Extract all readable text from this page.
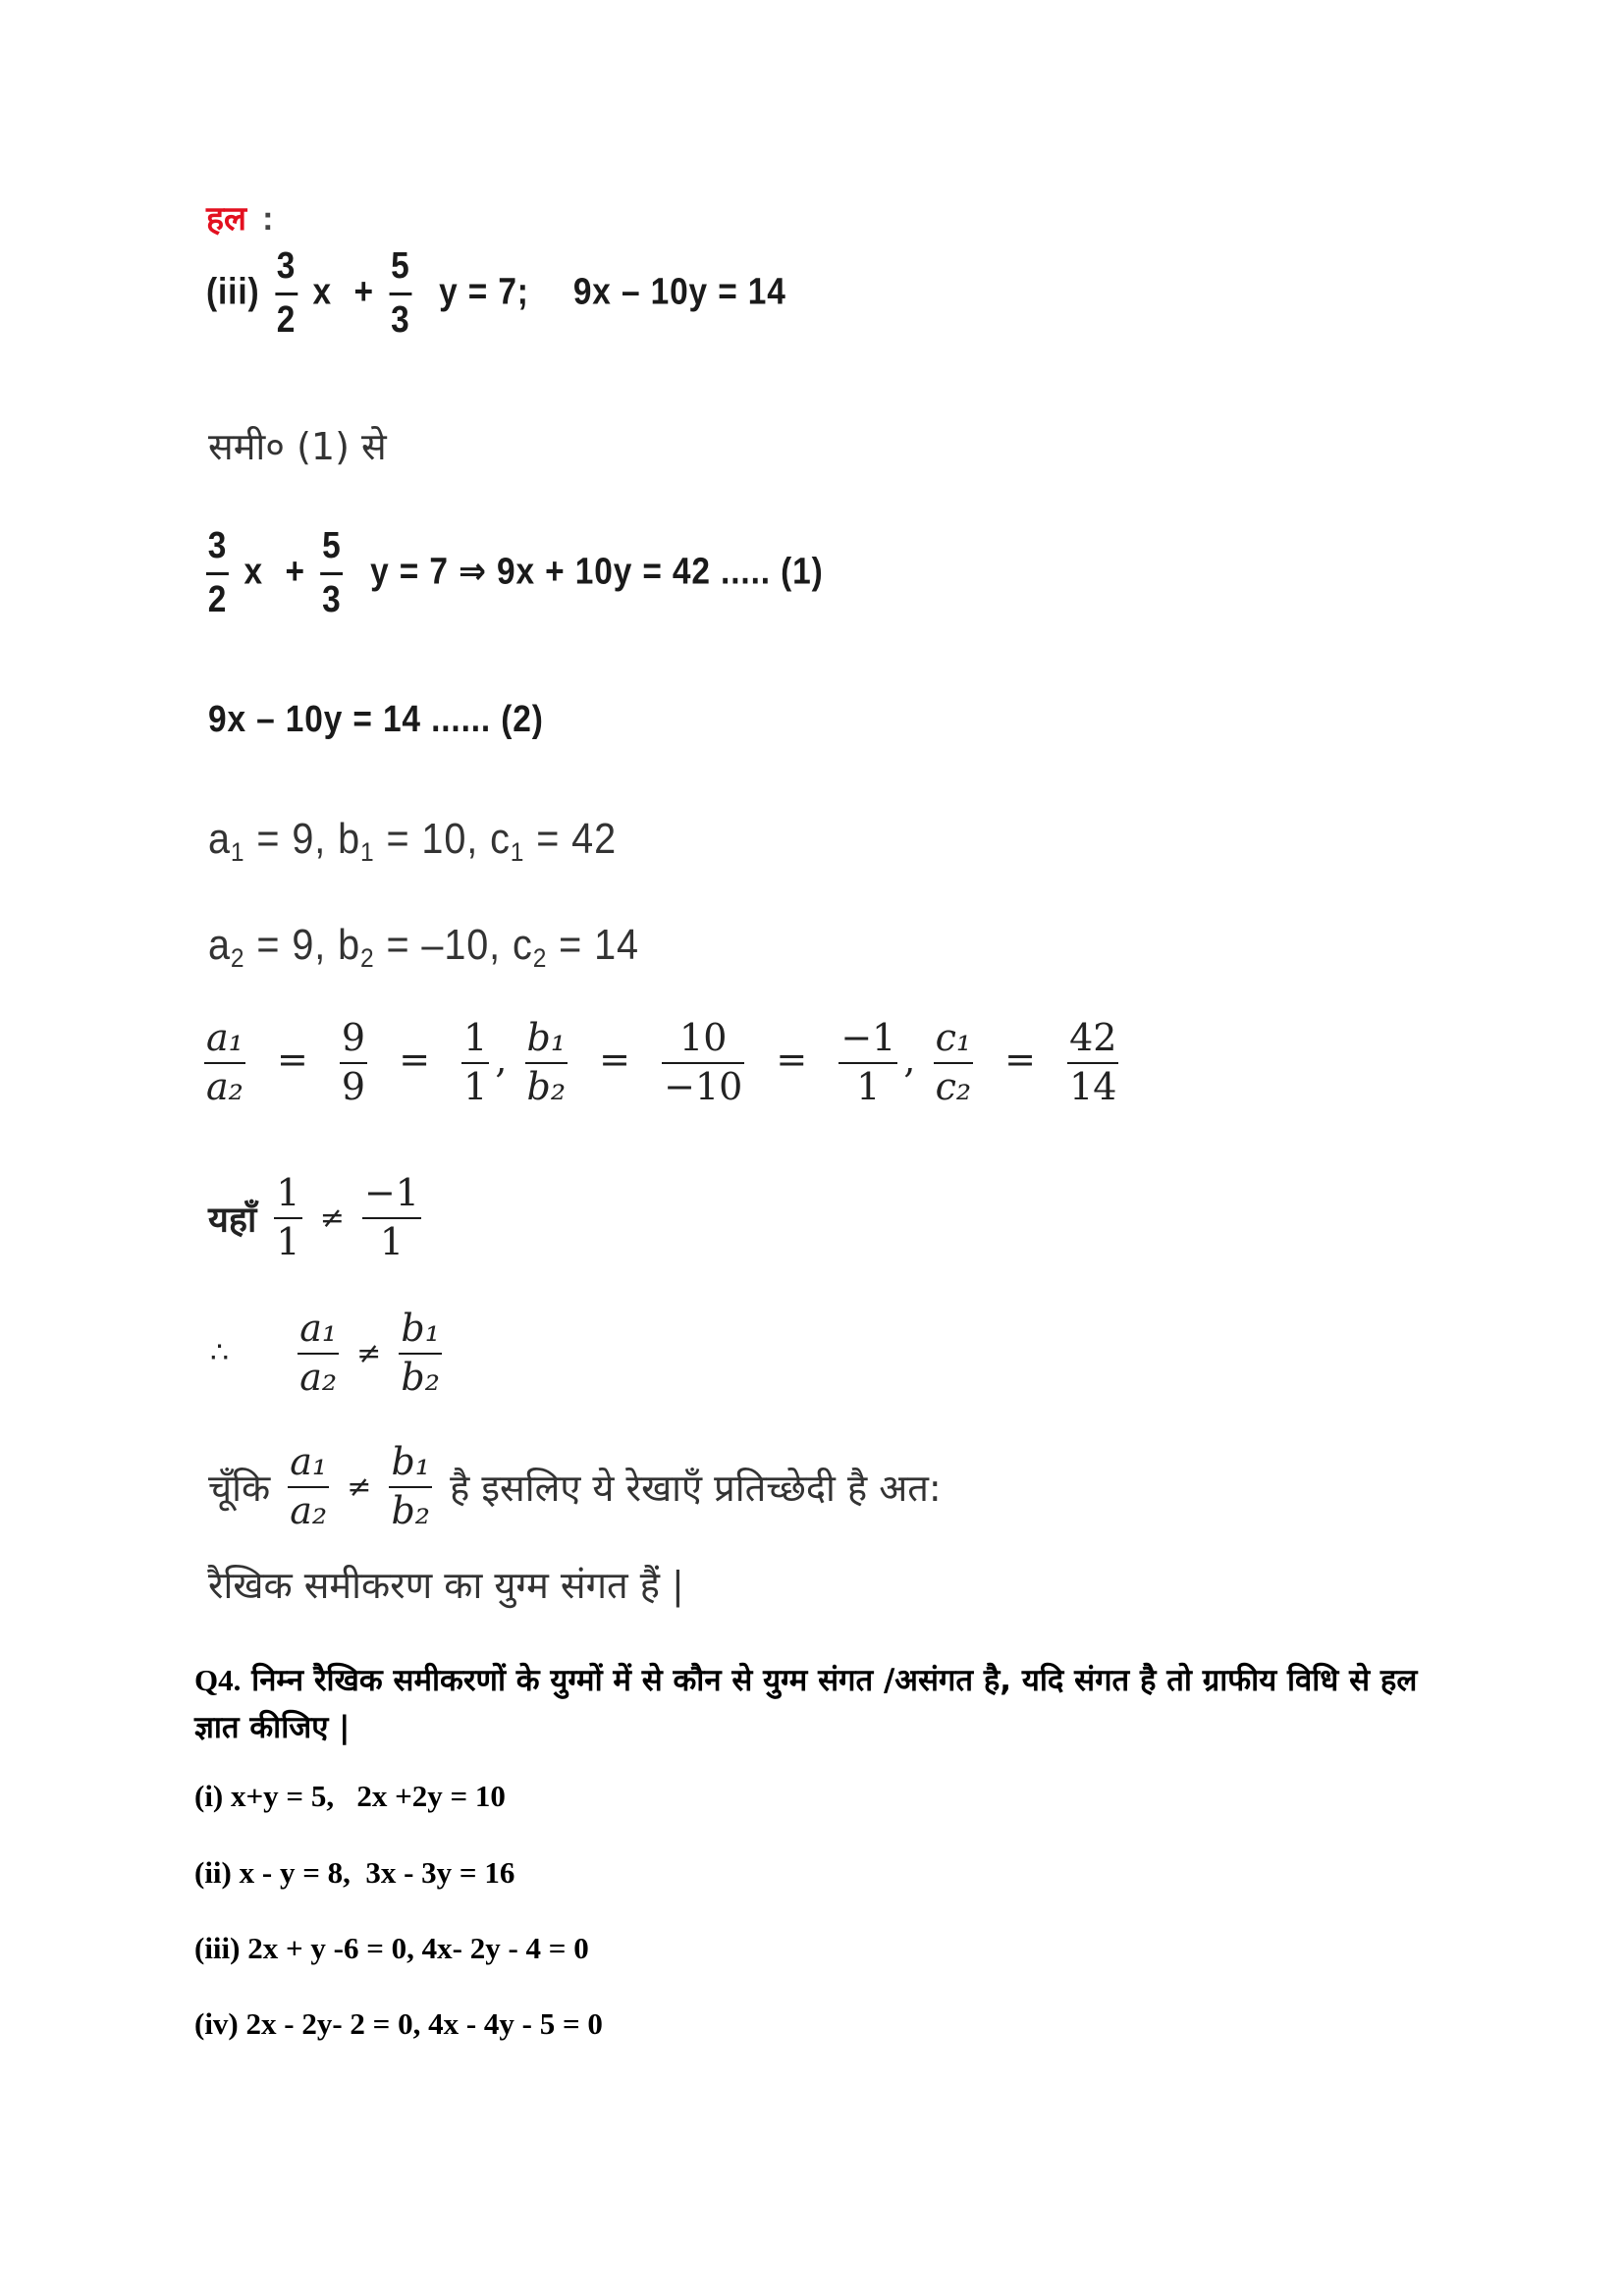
हल :
$(iii) \frac{3}{2}$ $x + \frac{5}{3}$ y = 7; 9x – 10y = 14
समी० (1) से
$\frac{3}{2}$ $x + \frac{5}{3}$ y = 7 ⇒ 9x + 10y = 42 ..... (1)
9x – 10y = 14 ...... (2)
$a_1 = 9$, $b_1 = 10$, $c_1 = 42$
$a_2 = 9$, $b_2 = -10$, $c_2 = 14$
$\frac{\text{a₁}}{\text{a₂}} = \frac{9}{9} = \frac{1}{1}$ , $\frac{\text{b₁}}{\text{b₂}} = \frac{10}{-10} = \frac{-1}{1}$ , $\frac{\text{c₁}}{\text{c₂}} = \frac{42}{14}$
यहाँ $\frac{1}{1} \ne \frac{-1}{1}$
∴ $\frac{\text{a₁}}{\text{a₂}} \ne \frac{\text{b₁}}{\text{b₂}}$
चूँकि $\frac{\text{a₁}}{\text{a₂}} \ne \frac{\text{b₁}}{\text{b₂}}$ है इसलिए ये रेखाएँ प्रतिच्छेदी है अत:
रैखिक समीकरण का युग्म संगत हैं |
Q4. निम्न रैखिक समीकरणों के युग्मों में से कौन से युग्म संगत /असंगत है, यदि संगत है तो ग्राफीय विधि से हल ज्ञात कीजिए |
(i) x+y = 5,   2x +2y = 10
(ii) x - y = 8,  3x - 3y = 16
(iii) 2x + y -6 = 0, 4x- 2y - 4 = 0
(iv) 2x - 2y- 2 = 0, 4x - 4y - 5 = 0
